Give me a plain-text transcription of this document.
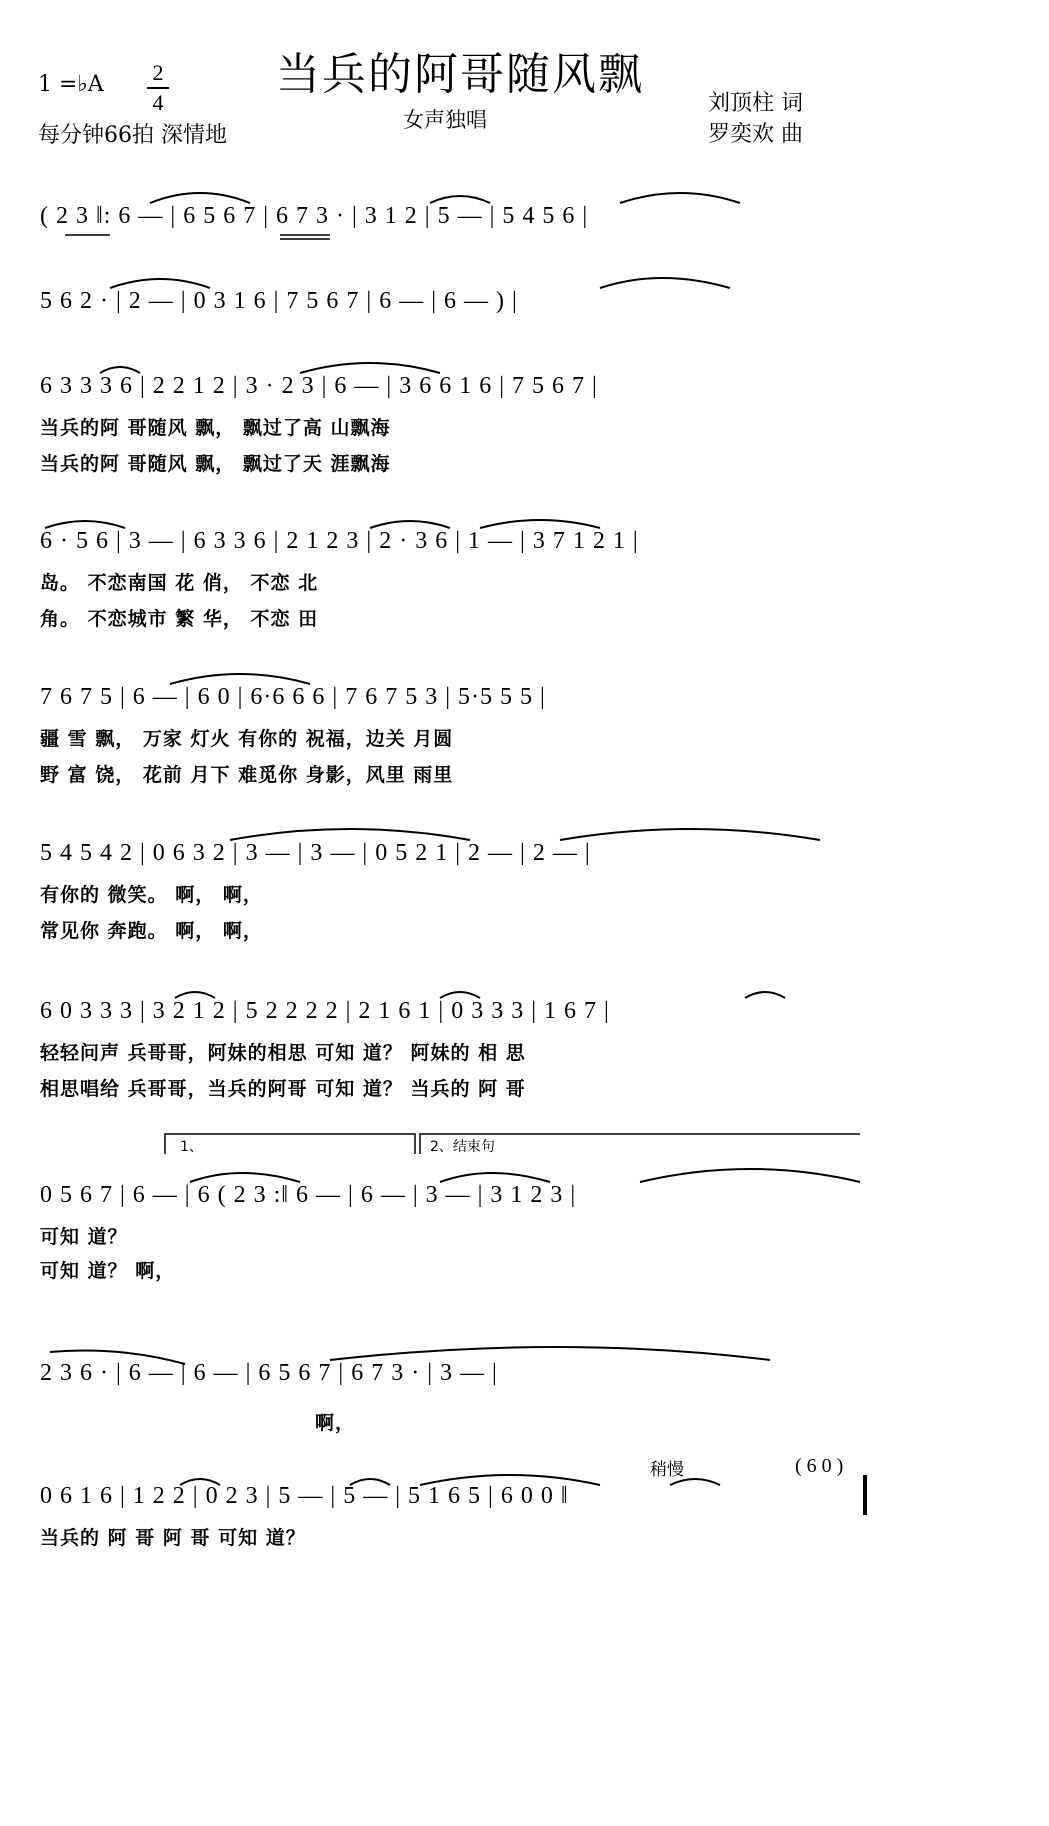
1 =♭A 2
4
当兵的阿哥随风飘
每分钟66拍 深情地
女声独唱
刘顶柱 词
罗奕欢 曲
( 2 3 ‖: 6 — | 6 5 6 7 | 6 7 3 · | 3 1 2 | 5 — | 5 4 5 6 |
5 6 2 · | 2 — | 0 3 1 6 | 7 5 6 7 | 6 — | 6 — ) |
6 3 3 3 6 | 2 2 1 2 | 3 · 2 3 | 6 — | 3 6 6 1 6 | 7 5 6 7 |
当兵的阿 哥随风 飘， 飘过了高 山飘海
当兵的阿 哥随风 飘， 飘过了天 涯飘海
6 · 5 6 | 3 — | 6 3 3 6 | 2 1 2 3 | 2 · 3 6 | 1 — | 3 7 1 2 1 |
岛。 不恋南国 花 俏， 不恋 北
角。 不恋城市 繁 华， 不恋 田
7 6 7 5 | 6 — | 6 0 | 6·6 6 6 | 7 6 7 5 3 | 5·5 5 5 |
疆 雪 飘， 万家 灯火 有你的 祝福，边关 月圆
野 富 饶， 花前 月下 难觅你 身影，风里 雨里
5 4 5 4 2 | 0 6 3 2 | 3 — | 3 — | 0 5 2 1 | 2 — | 2 — |
有你的 微笑。 啊， 啊，
常见你 奔跑。 啊， 啊，
6 0 3 3 3 | 3 2 1 2 | 5 2 2 2 2 | 2 1 6 1 | 0 3 3 3 | 1 6 7 |
轻轻问声 兵哥哥，阿妹的相思 可知 道？ 阿妹的 相 思
相思唱给 兵哥哥，当兵的阿哥 可知 道？ 当兵的 阿 哥
1、	2、结束句
0 5 6 7 | 6 — | 6 ( 2 3 :‖ 6 — | 6 — | 3 — | 3 1 2 3 |
可知 道？
可知 道？ 啊，
2 3 6 · | 6 — | 6 — | 6 5 6 7 | 6 7 3 · | 3 — |
啊，
稍慢	( 6 0 )
0 6 1 6 | 1 2 2 | 0 2 3 | 5 — | 5 — | 5 1 6 5 | 6 0 0 ‖
当兵的 阿 哥 阿 哥 可知 道？
